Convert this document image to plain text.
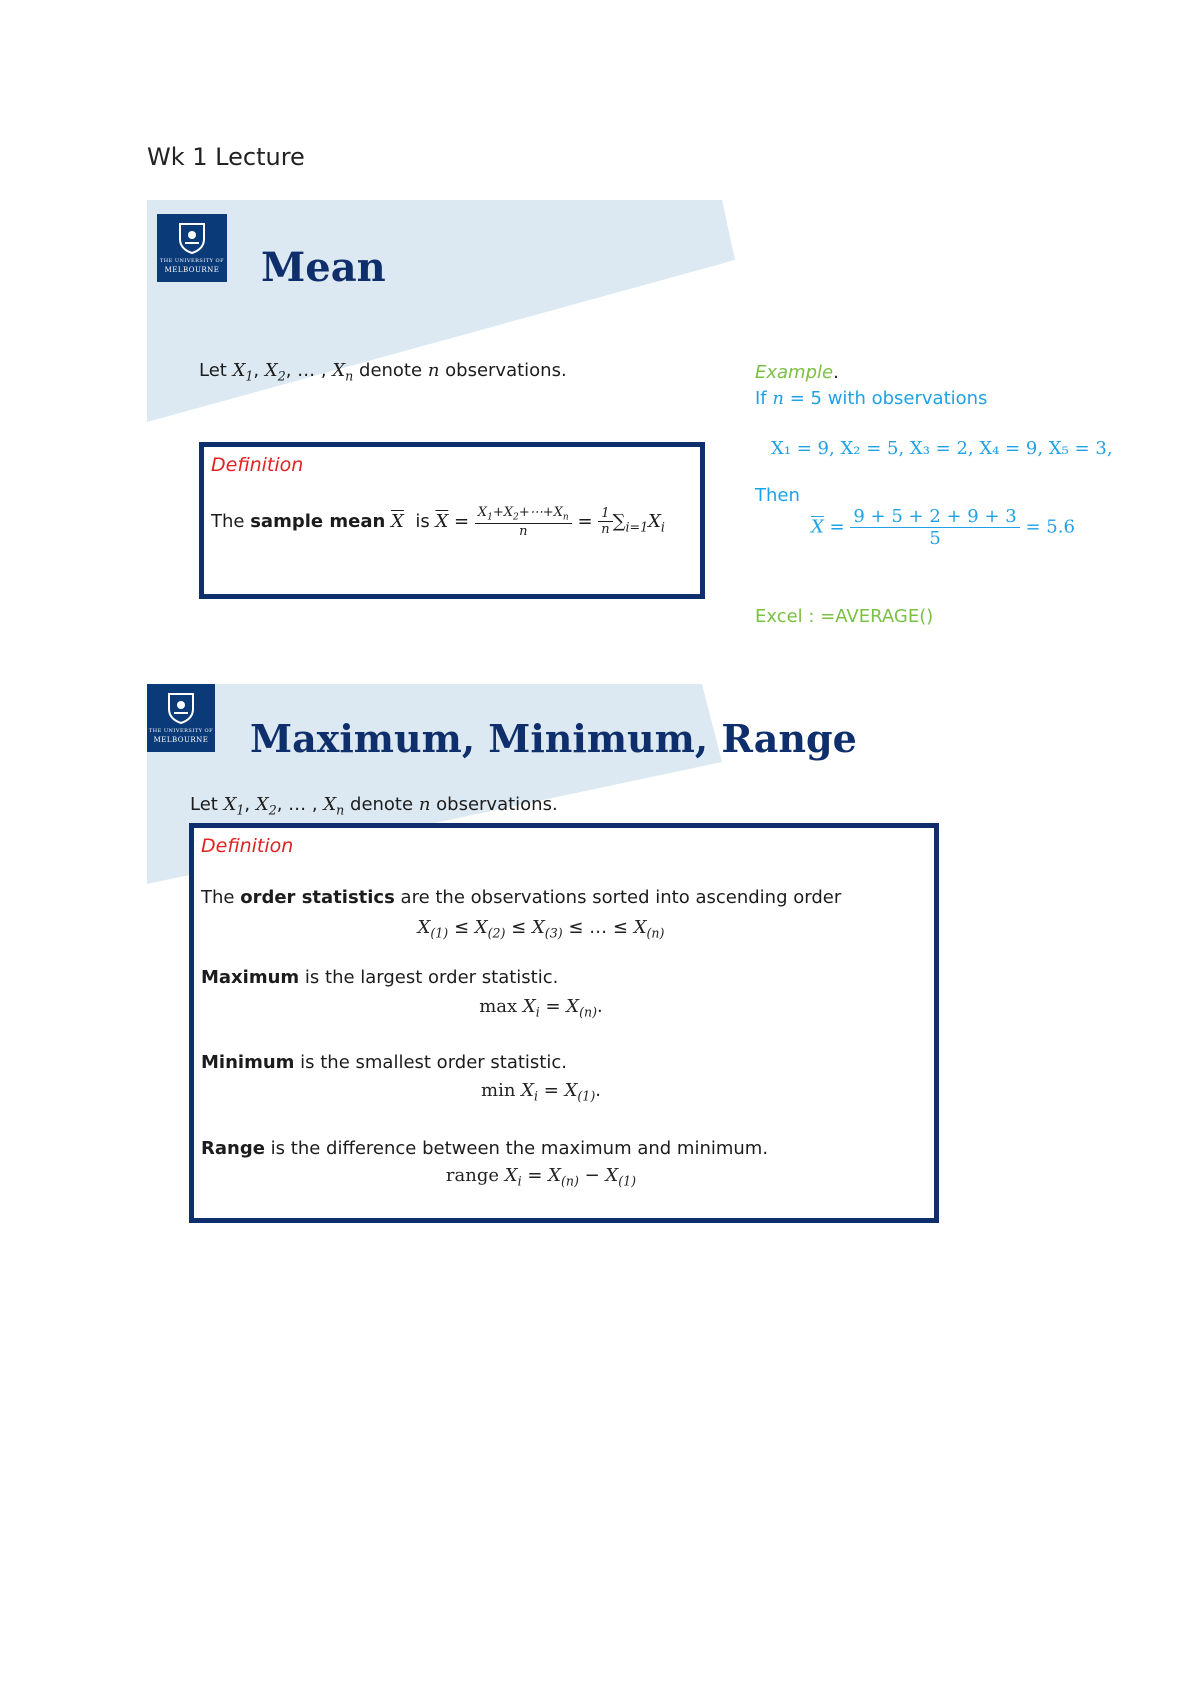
Wk 1 Lecture
THE UNIVERSITY OF
MELBOURNE Mean
Let $X_1$, $X_2$, … , $X_n$ denote n observations.
Definition
The sample mean $\overline{X}$ is $\overline{X} = \frac{X_1+X_2+\cdots+X_n}{n} = \frac{1}{n} \sum_{i=1}X_i$
Example.
If n = 5 with observations
X₁ = 9, X₂ = 5, X₃ = 2, X₄ = 9, X₅ = 3,
Then
$\overline{X} = \frac{9 + 5 + 2 + 9 + 3}{5} = 5.6$
Excel : =AVERAGE()
THE UNIVERSITY OF
MELBOURNE Maximum, Minimum, Range
Let $X_1$, $X_2$, … , $X_n$ denote n observations.
Definition
The order statistics are the observations sorted into ascending order
$X_{(1)} \le X_{(2)} \le X_{(3)}$ ≤ … ≤ $X_{(n)}$
Maximum is the largest order statistic.
$\max X_i = X_{(n)}$.
Minimum is the smallest order statistic.
$\min X_i = X_{(1)}$.
Range is the difference between the maximum and minimum.
range $X_i = X_{(n)} - X_{(1)}$
